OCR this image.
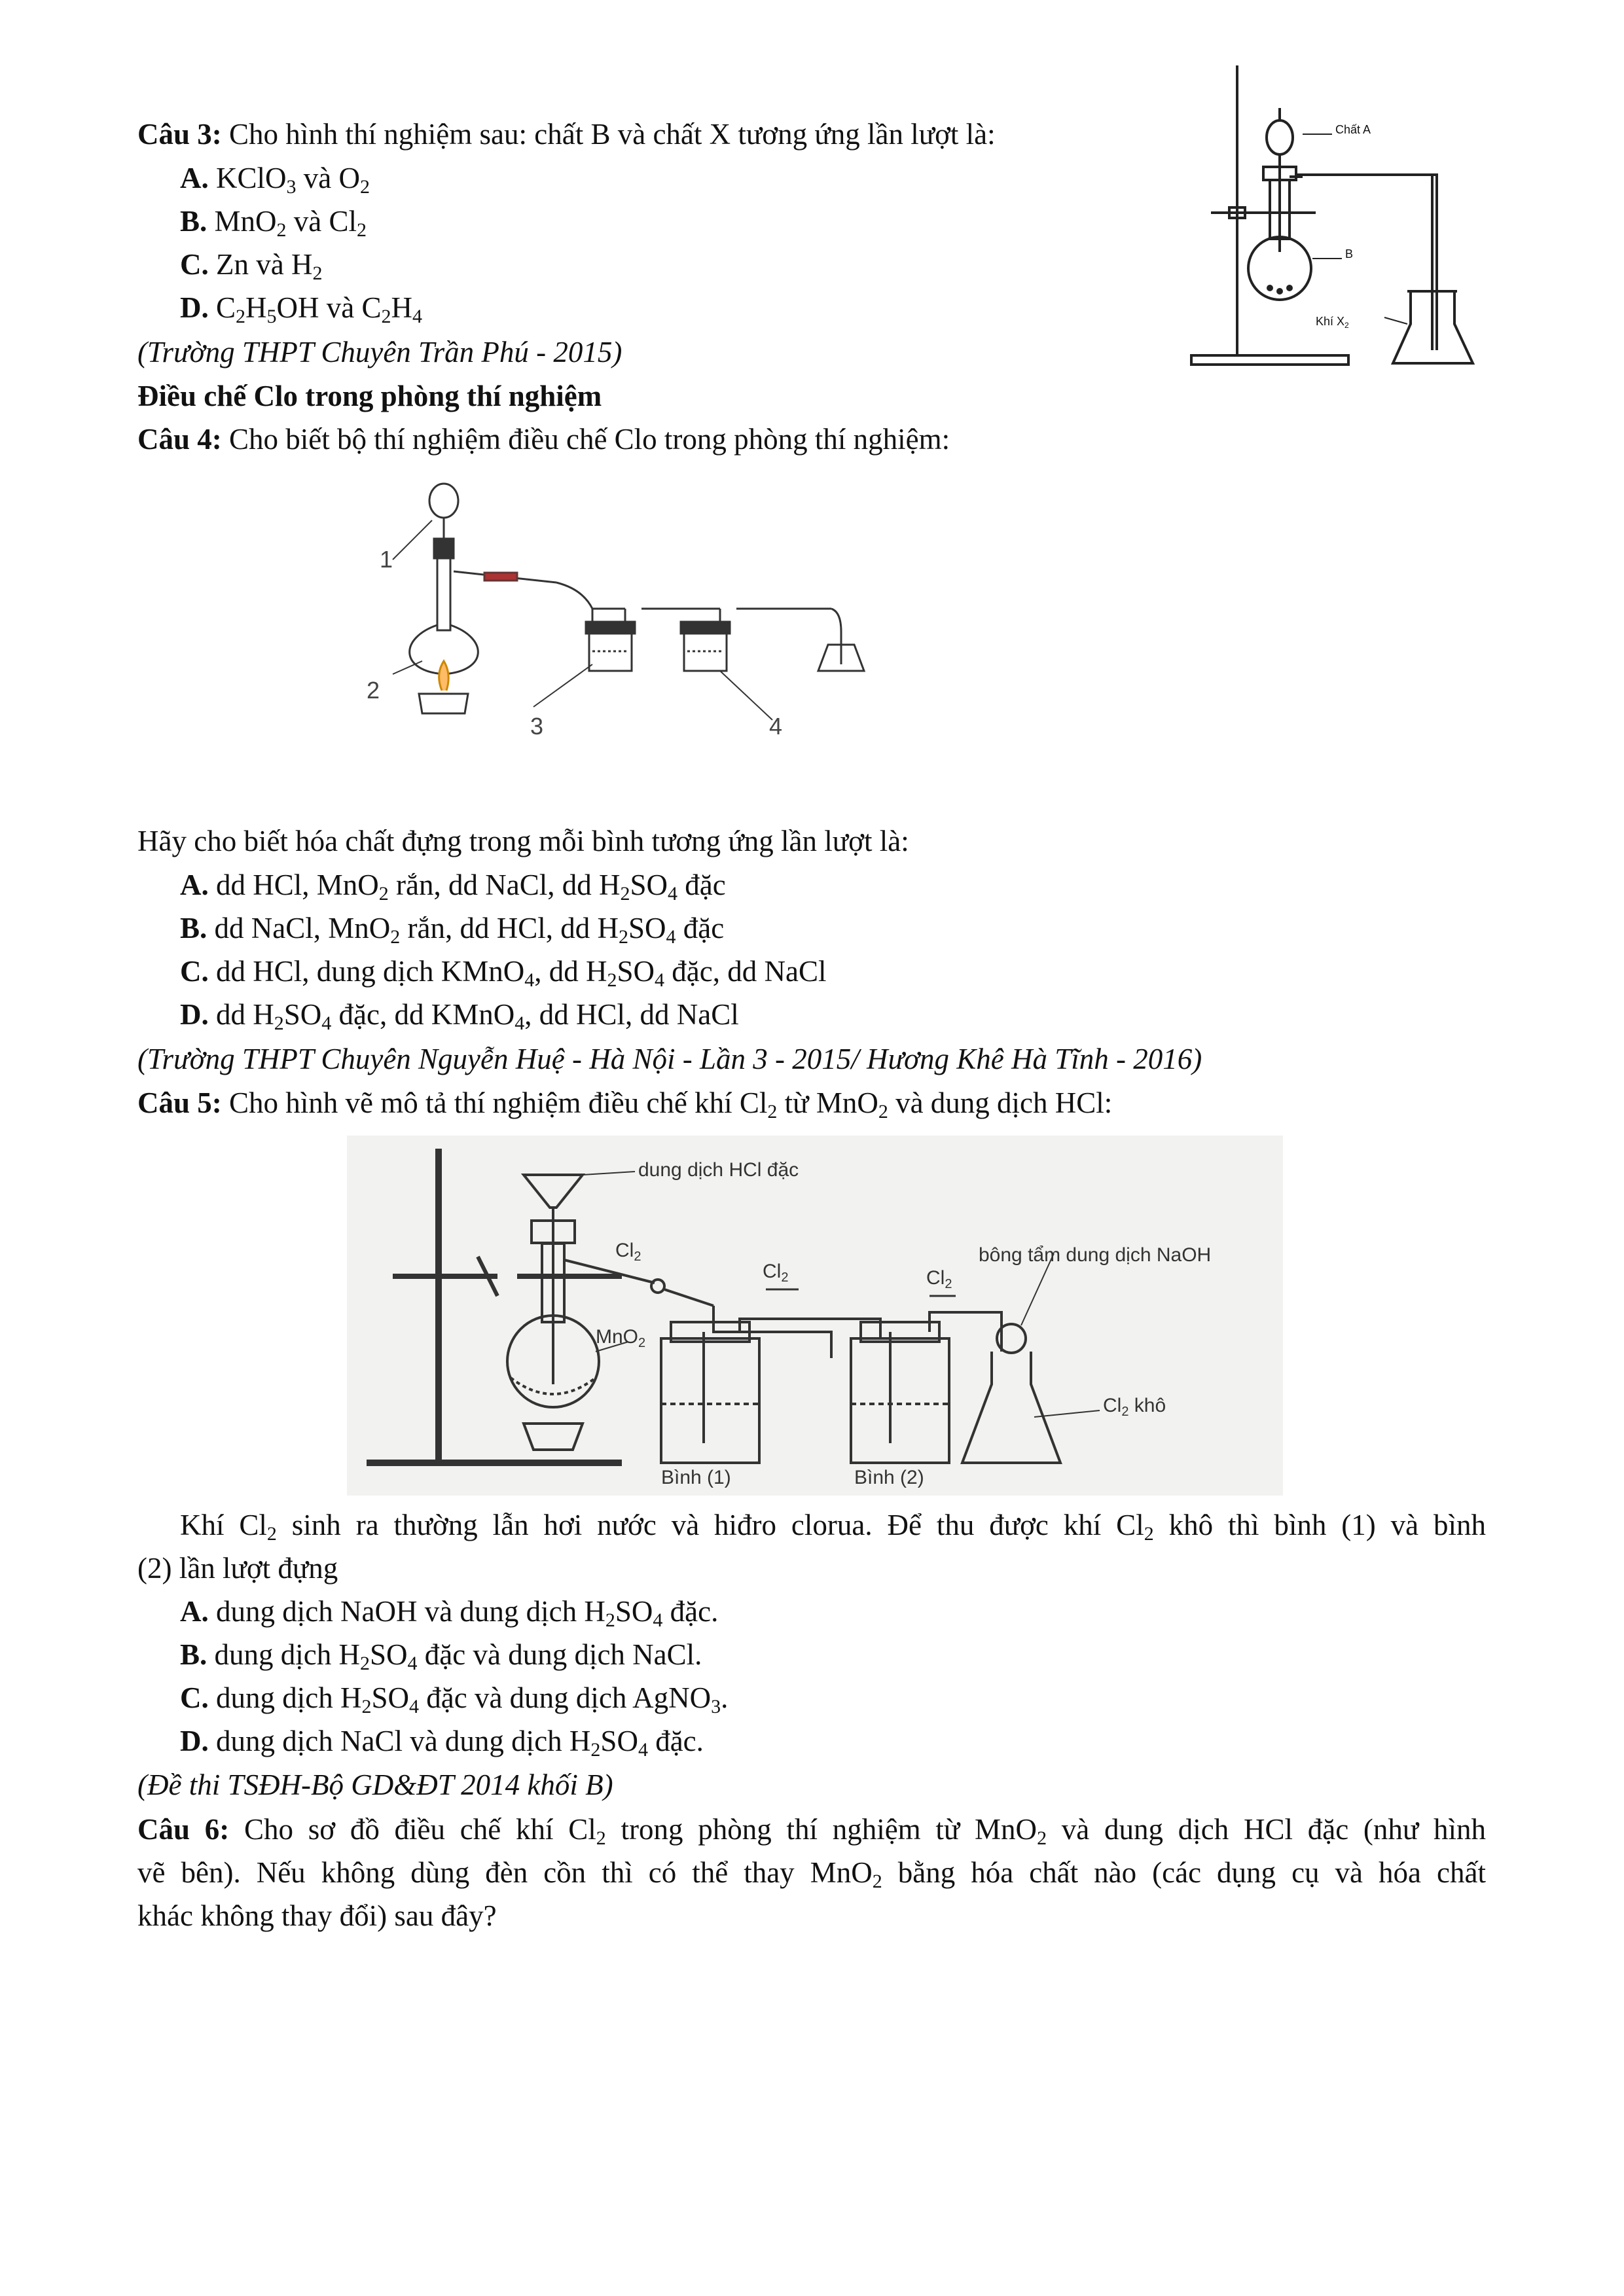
Câu 3: Cho hình thí nghiệm sau: chất B và chất X tương ứng lần lượt là:
A. KClO$_3$ và $O_2$
B. MnO$_2$ và $Cl_2$
C. Zn và $H_2$
D. $C_2H_5OH$ và $C_2H_4$
(Trường THPT Chuyên Trần Phú - 2015)
Chất A
B
Khí $X_2$
Điều chế Clo trong phòng thí nghiệm
Câu 4: Cho biết bộ thí nghiệm điều chế Clo trong phòng thí nghiệm:
1
2
3	4
Hãy cho biết hóa chất đựng trong mỗi bình tương ứng lần lượt là:
A. dd HCl, MnO$_2$ rắn, dd NaCl, dd $H_2SO_4$ đặc
B. dd NaCl, MnO$_2$ rắn, dd HCl, dd $H_2SO_4$ đặc
C. dd HCl, dung dịch KMnO$_4$, dd $H_2SO_4$ đặc, dd NaCl
D. dd $H_2SO_4$ đặc, dd KMnO$_4$, dd HCl, dd NaCl
(Trường THPT Chuyên Nguyễn Huệ - Hà Nội - Lần 3 - 2015/ Hương Khê Hà Tĩnh - 2016)
Câu 5: Cho hình vẽ mô tả thí nghiệm điều chế khí $Cl_2$ từ MnO$_2$ và dung dịch HCl:
dung dịch HCl đặc
$Cl_2$
$Cl_2$	$Cl_2$
bông tẩm dung dịch NaOH
MnO$_2$
$Cl_2$ khô
Bình (1)	Bình (2)
Khí $Cl_2$ sinh ra thường lẫn hơi nước và hiđro clorua. Để thu được khí $Cl_2$ khô thì bình (1) và bình
(2) lần lượt đựng
A. dung dịch NaOH và dung dịch $H_2SO_4$ đặc.
B. dung dịch $H_2SO_4$ đặc và dung dịch NaCl.
C. dung dịch $H_2SO_4$ đặc và dung dịch AgNO$_3$.
D. dung dịch NaCl và dung dịch $H_2SO_4$ đặc.
(Đề thi TSĐH-Bộ GD&ĐT 2014 khối B)
Câu 6: Cho sơ đồ điều chế khí $Cl_2$ trong phòng thí nghiệm từ MnO$_2$ và dung dịch HCl đặc (như hình
vẽ bên). Nếu không dùng đèn cồn thì có thể thay MnO$_2$ bằng hóa chất nào (các dụng cụ và hóa chất
khác không thay đổi) sau đây?
